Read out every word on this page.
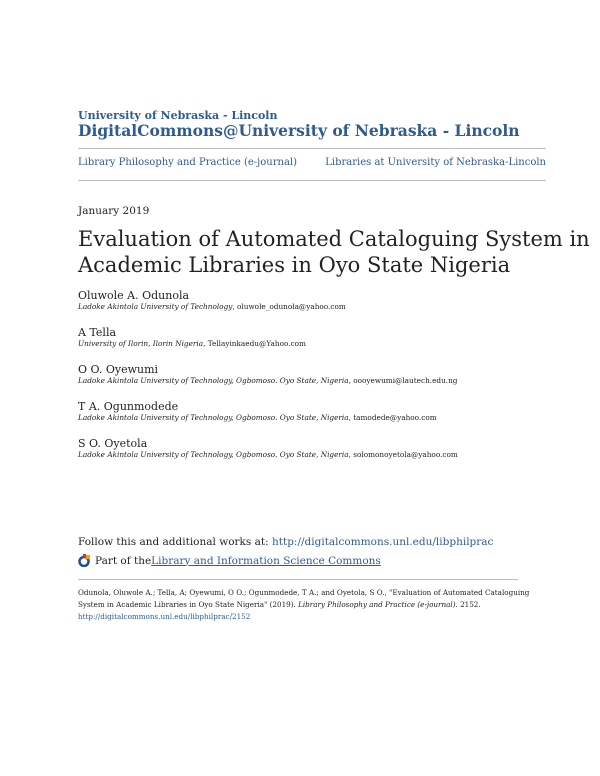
University of Nebraska - Lincoln
DigitalCommons@University of Nebraska - Lincoln
Library Philosophy and Practice (e-journal)	Libraries at University of Nebraska-Lincoln
January 2019
Evaluation of Automated Cataloguing System in
Academic Libraries in Oyo State Nigeria
Oluwole A. Odunola
Ladoke Akintola University of Technology, oluwole_odunola@yahoo.com
A Tella
University of Ilorin, Ilorin Nigeria, Tellayinkaedu@Yahoo.com
O O. Oyewumi
Ladoke Akintola University of Technology, Ogbomoso. Oyo State, Nigeria, oooyewumi@lautech.edu.ng
T A. Ogunmodede
Ladoke Akintola University of Technology, Ogbomoso. Oyo State, Nigeria, tamodede@yahoo.com
S O. Oyetola
Ladoke Akintola University of Technology, Ogbomoso. Oyo State, Nigeria, solomonoyetola@yahoo.com
Follow this and additional works at: http://digitalcommons.unl.edu/libphilprac
Part of the Library and Information Science Commons
Odunola, Oluwole A.; Tella, A; Oyewumi, O O.; Ogunmodede, T A.; and Oyetola, S O., "Evaluation of Automated Cataloguing
System in Academic Libraries in Oyo State Nigeria" (2019). Library Philosophy and Practice (e-journal). 2152.
http://digitalcommons.unl.edu/libphilprac/2152
